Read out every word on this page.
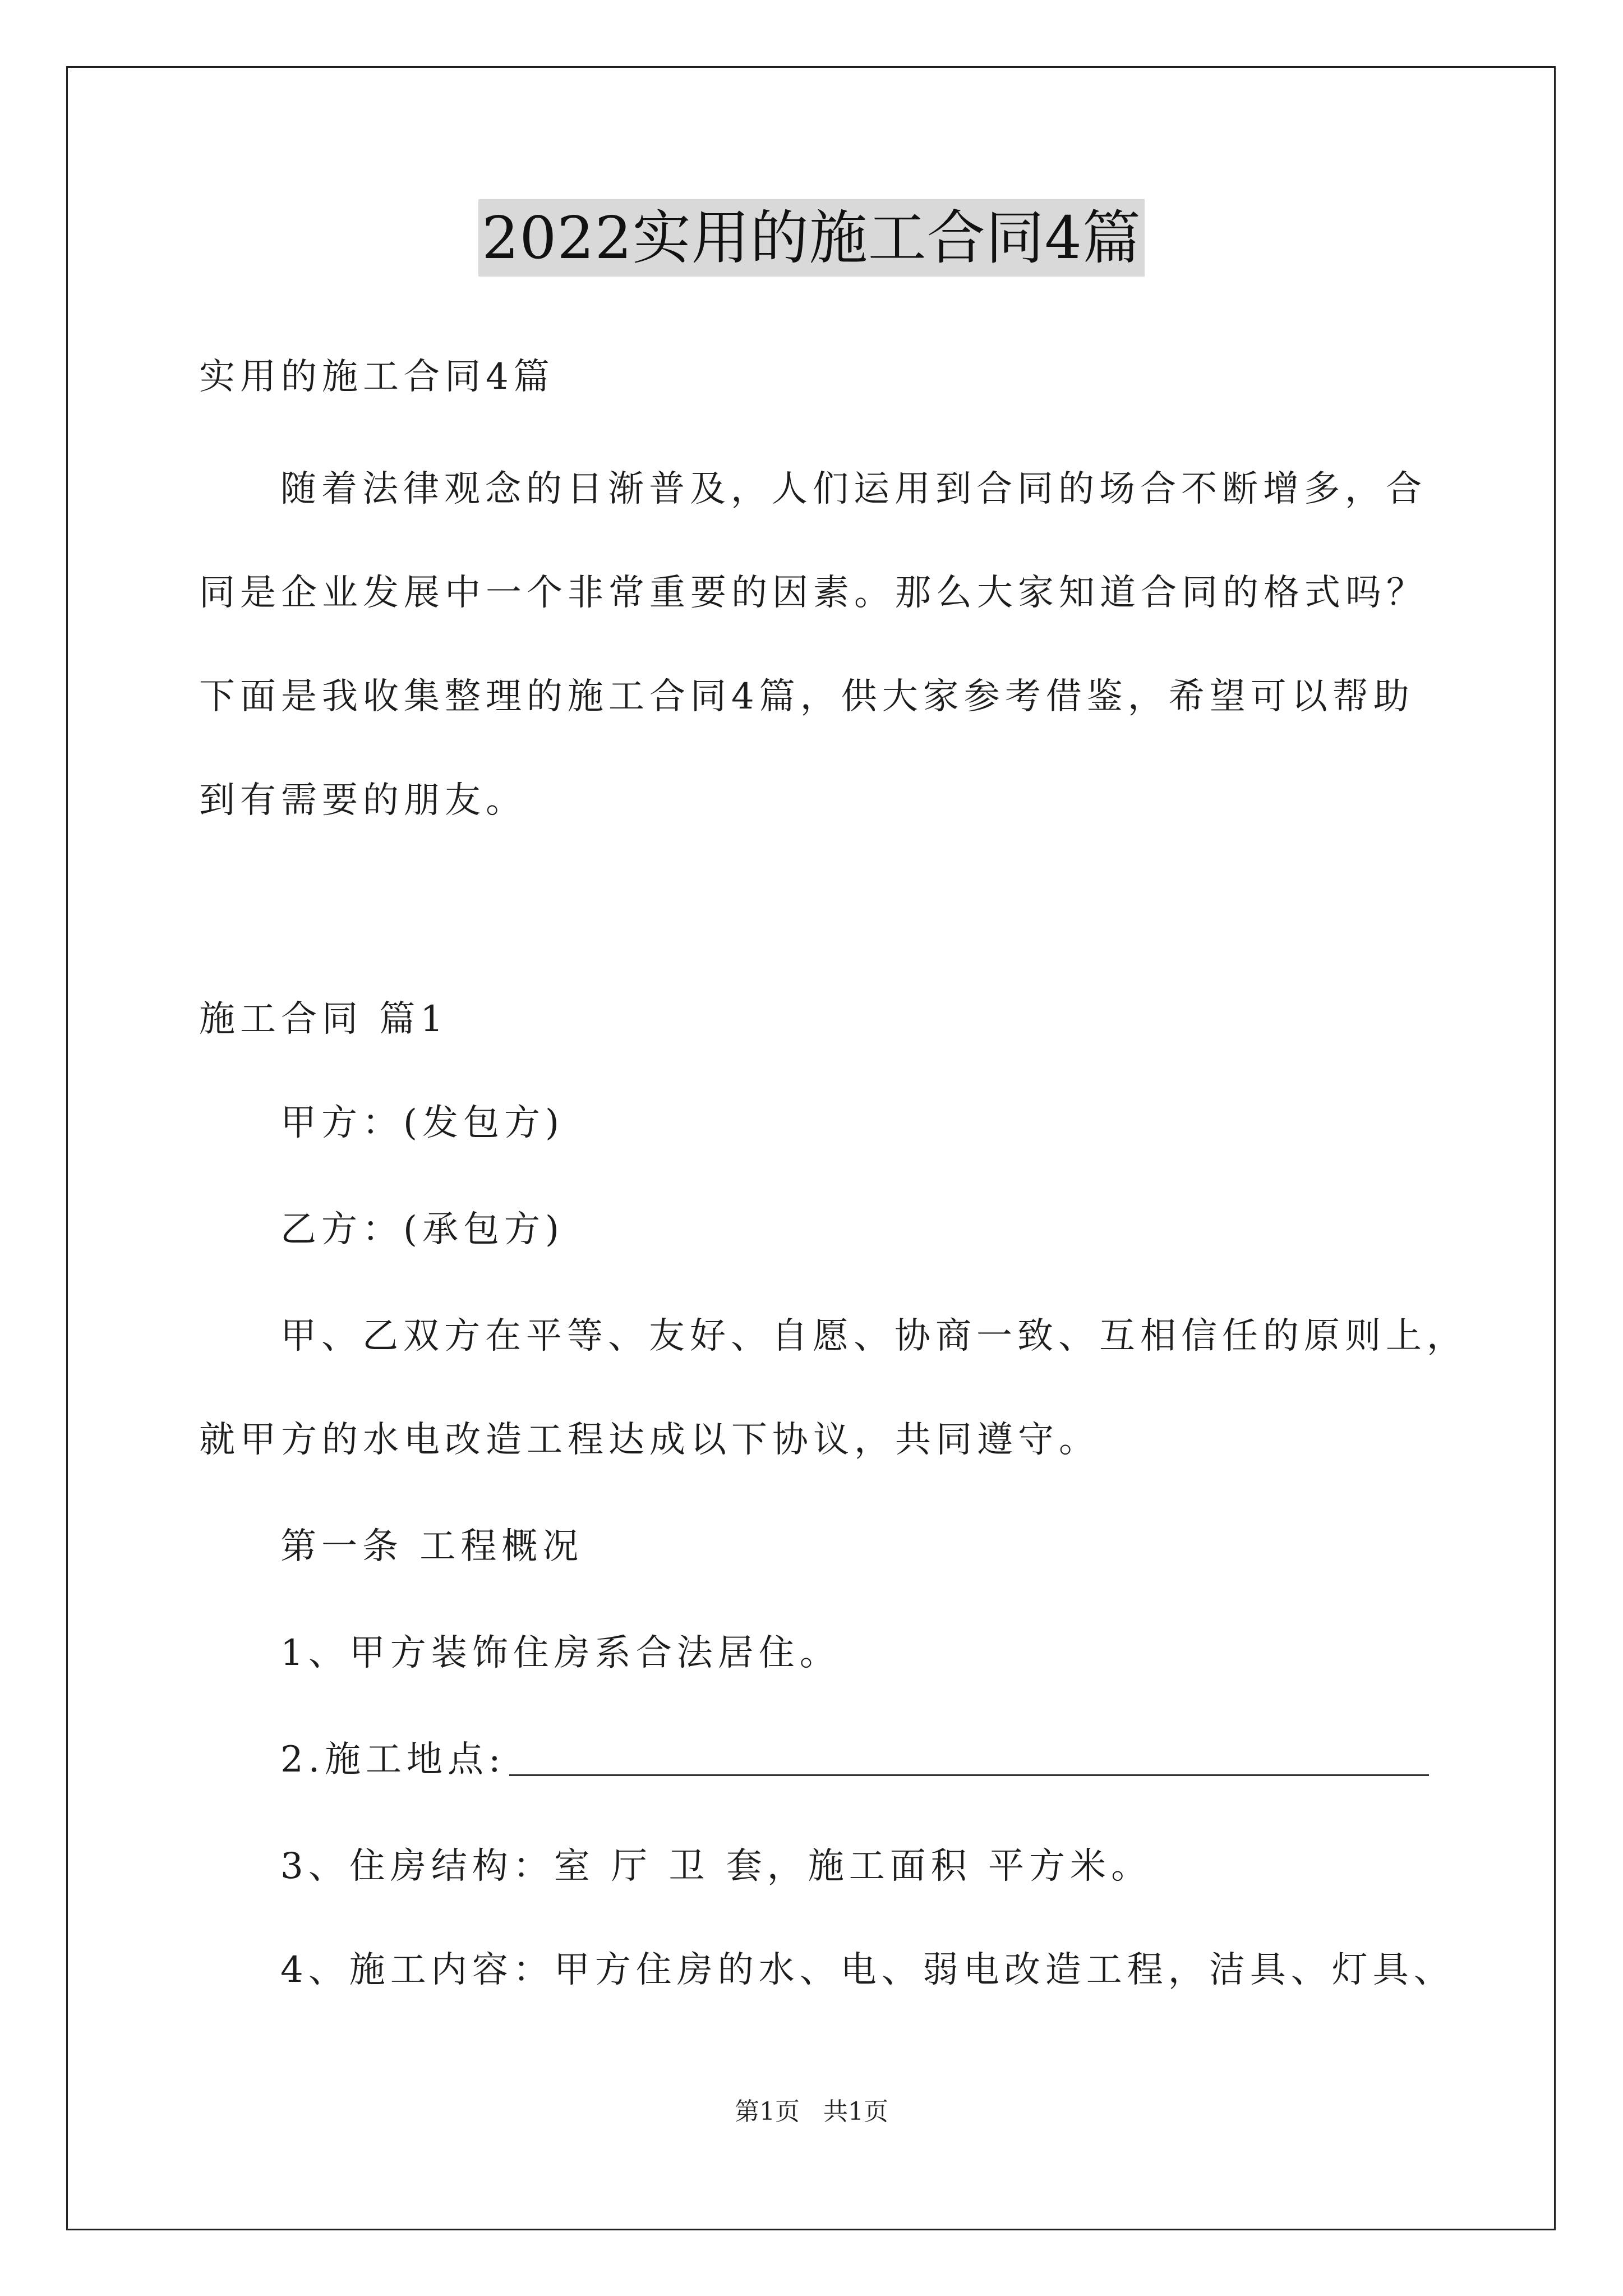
2022实用的施工合同4篇
实用的施工合同4篇
随着法律观念的日渐普及，人们运用到合同的场合不断增多，合
同是企业发展中一个非常重要的因素。那么大家知道合同的格式吗？
下面是我收集整理的施工合同4篇，供大家参考借鉴，希望可以帮助
到有需要的朋友。
施工合同 篇1
甲方：(发包方)
乙方：(承包方)
甲、乙双方在平等、友好、自愿、协商一致、互相信任的原则上，
就甲方的水电改造工程达成以下协议，共同遵守。
第一条 工程概况
1、甲方装饰住房系合法居住。
2.施工地点:
3、住房结构：室 厅 卫 套，施工面积 平方米。
4、施工内容：甲方住房的水、电、弱电改造工程，洁具、灯具、
第1页 共1页
